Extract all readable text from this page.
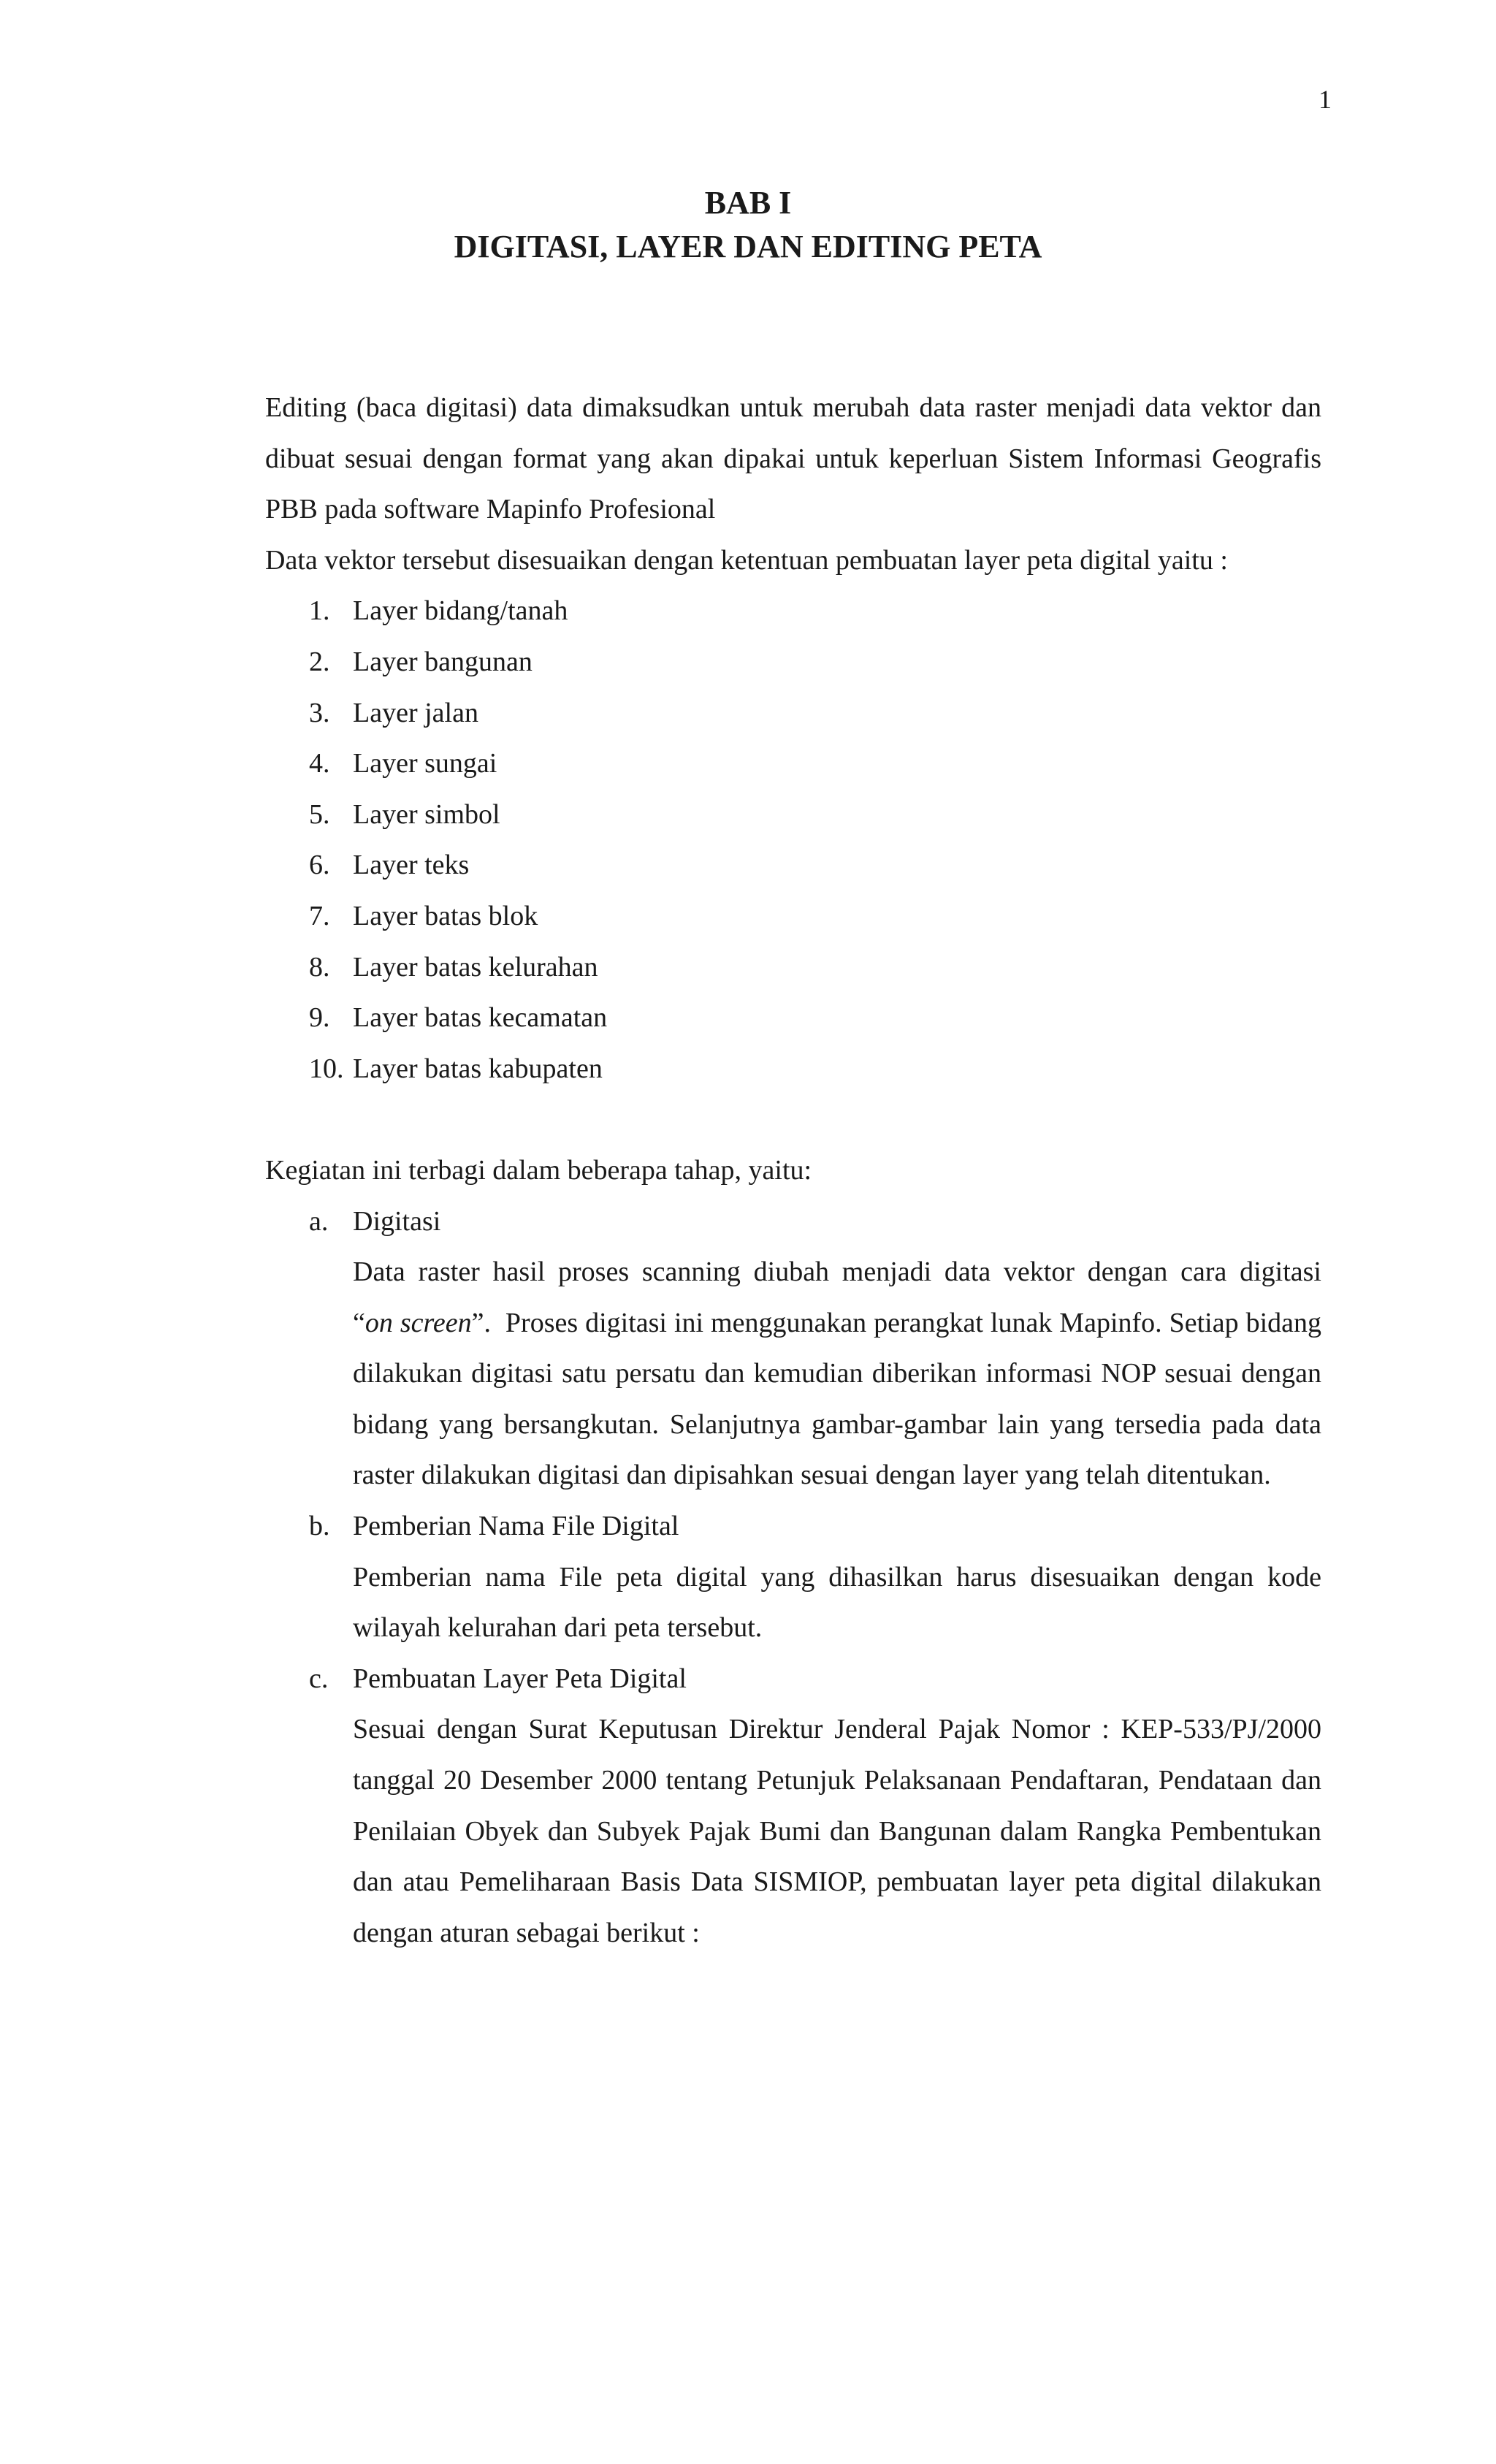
1
BAB I
DIGITASI, LAYER DAN EDITING PETA

Editing (baca digitasi) data dimaksudkan untuk merubah data raster menjadi data vektor dan dibuat sesuai dengan format yang akan dipakai untuk keperluan Sistem Informasi Geografis PBB pada software Mapinfo Profesional

Data vektor tersebut disesuaikan dengan ketentuan pembuatan layer peta digital yaitu :

1. Layer bidang/tanah
2. Layer bangunan
3. Layer jalan
4. Layer sungai
5. Layer simbol
6. Layer teks
7. Layer batas blok
8. Layer batas kelurahan
9. Layer batas kecamatan
10. Layer batas kabupaten

Kegiatan ini terbagi dalam beberapa tahap, yaitu:

a. Digitasi
Data raster hasil proses scanning diubah menjadi data vektor dengan cara digitasi
“on screen”.  Proses digitasi ini menggunakan perangkat lunak Mapinfo. Setiap bidang dilakukan digitasi satu persatu dan kemudian diberikan informasi NOP sesuai dengan bidang yang bersangkutan. Selanjutnya gambar-gambar lain yang tersedia pada data raster dilakukan digitasi dan dipisahkan sesuai dengan layer yang telah ditentukan.
b. Pemberian Nama File Digital
Pemberian nama File peta digital yang dihasilkan harus disesuaikan dengan kode wilayah kelurahan dari peta tersebut.
c. Pembuatan Layer Peta Digital
Sesuai dengan Surat Keputusan Direktur Jenderal Pajak Nomor : KEP-533/PJ/2000 tanggal 20 Desember 2000 tentang Petunjuk Pelaksanaan Pendaftaran, Pendataan dan Penilaian Obyek dan Subyek Pajak Bumi dan Bangunan dalam Rangka Pembentukan dan atau Pemeliharaan Basis Data SISMIOP, pembuatan layer peta digital dilakukan dengan aturan sebagai berikut :
